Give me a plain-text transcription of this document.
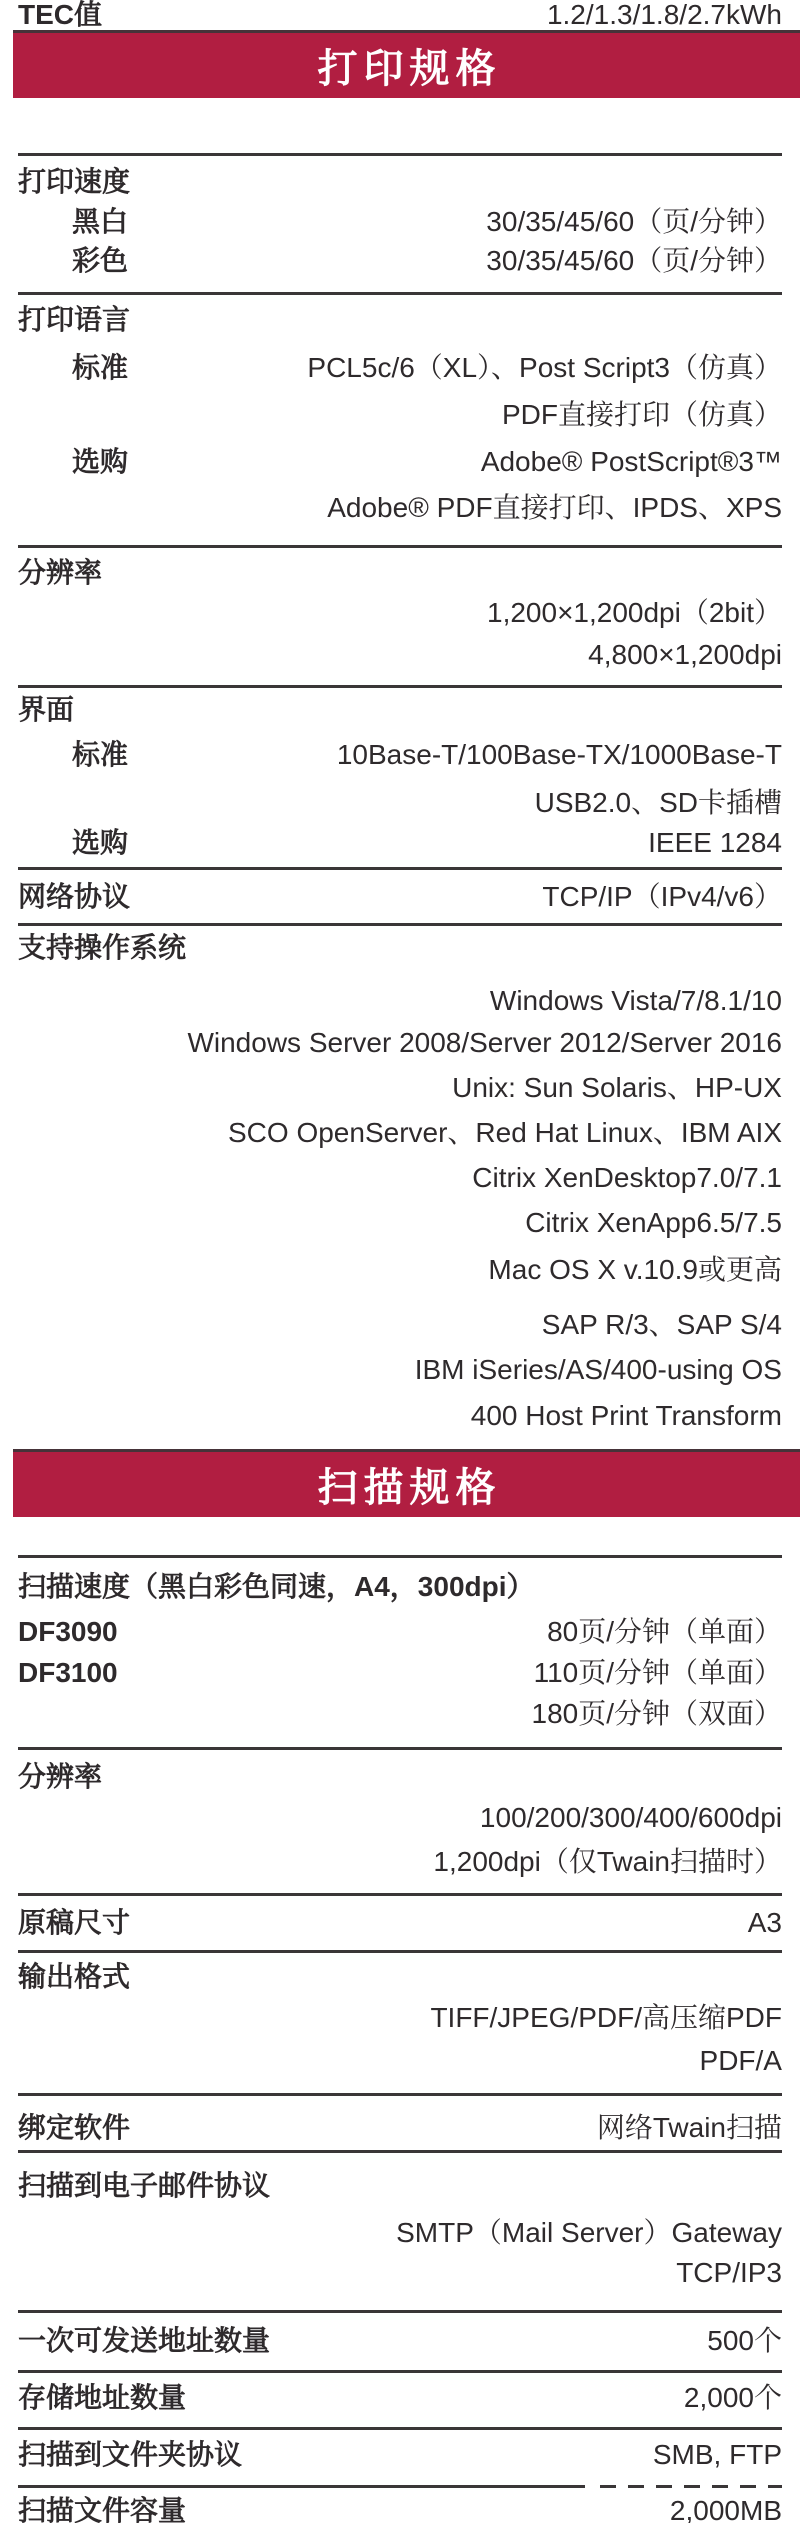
TEC值	1.2/1.3/1.8/2.7kWh
打印规格
打印速度
黑白	30/35/45/60（页/分钟）
彩色	30/35/45/60（页/分钟）
打印语言
标准	PCL5c/6（XL）、Post Script3（仿真）
PDF直接打印（仿真）
选购	Adobe® PostScript®3™
Adobe® PDF直接打印、IPDS、XPS
分辨率
1,200×1,200dpi（2bit）
4,800×1,200dpi
界面
标准	10Base-T/100Base-TX/1000Base-T
USB2.0、SD卡插槽
选购	IEEE 1284
网络协议	TCP/IP（IPv4/v6）
支持操作系统
Windows Vista/7/8.1/10
Windows Server 2008/Server 2012/Server 2016
Unix: Sun Solaris、HP-UX
SCO OpenServer、Red Hat Linux、IBM AIX
Citrix XenDesktop7.0/7.1
Citrix XenApp6.5/7.5
Mac OS X v.10.9或更高
SAP R/3、SAP S/4
IBM iSeries/AS/400-using OS
400 Host Print Transform
扫描规格
扫描速度（黑白彩色同速，A4，300dpi）
DF3090	80页/分钟（单面）
DF3100	110页/分钟（单面）
180页/分钟（双面）
分辨率
100/200/300/400/600dpi
1,200dpi（仅Twain扫描时）
原稿尺寸	A3
输出格式
TIFF/JPEG/PDF/高压缩PDF
PDF/A
绑定软件	网络Twain扫描
扫描到电子邮件协议
SMTP（Mail Server）Gateway
TCP/IP3
一次可发送地址数量	500个
存储地址数量	2,000个
扫描到文件夹协议	SMB, FTP
扫描文件容量	2,000MB
